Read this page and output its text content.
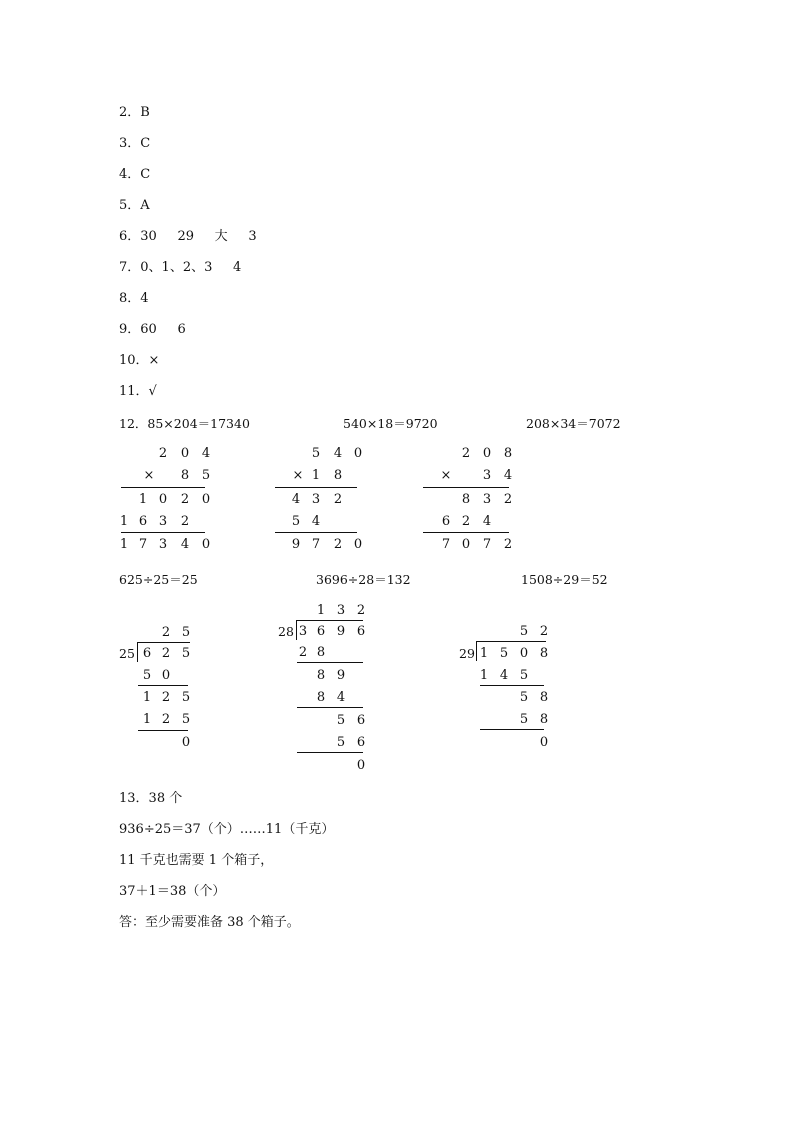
2．B
3．C
4．C
5．A
6．30     29     大     3
7．0、1、2、3     4
8．4
9．60     6
10．×
11．√
12．85×204＝17340	540×18＝9720	208×34＝7072
2 0 4
× 8 5
1 0 2 0
1 6 3 2
1 7 3 4 0
5 4 0
× 1 8
4 3 2
5 4
9 7 2 0
2 0 8
× 3 4
8 3 2
6 2 4
7 0 7 2
625÷25＝25	3696÷28＝132	1508÷29＝52
2 5
25 6 2 5
5 0
1 2 5
1 2 5
0
1 3 2
28 3 6 9 6
2 8
8 9
8 4
5 6
5 6
0
5 2
29 1 5 0 8
1 4 5
5 8
5 8
0
13．38 个
936÷25＝37（个）……11（千克）
11 千克也需要 1 个箱子，
37＋1＝38（个）
答：至少需要准备 38 个箱子。
